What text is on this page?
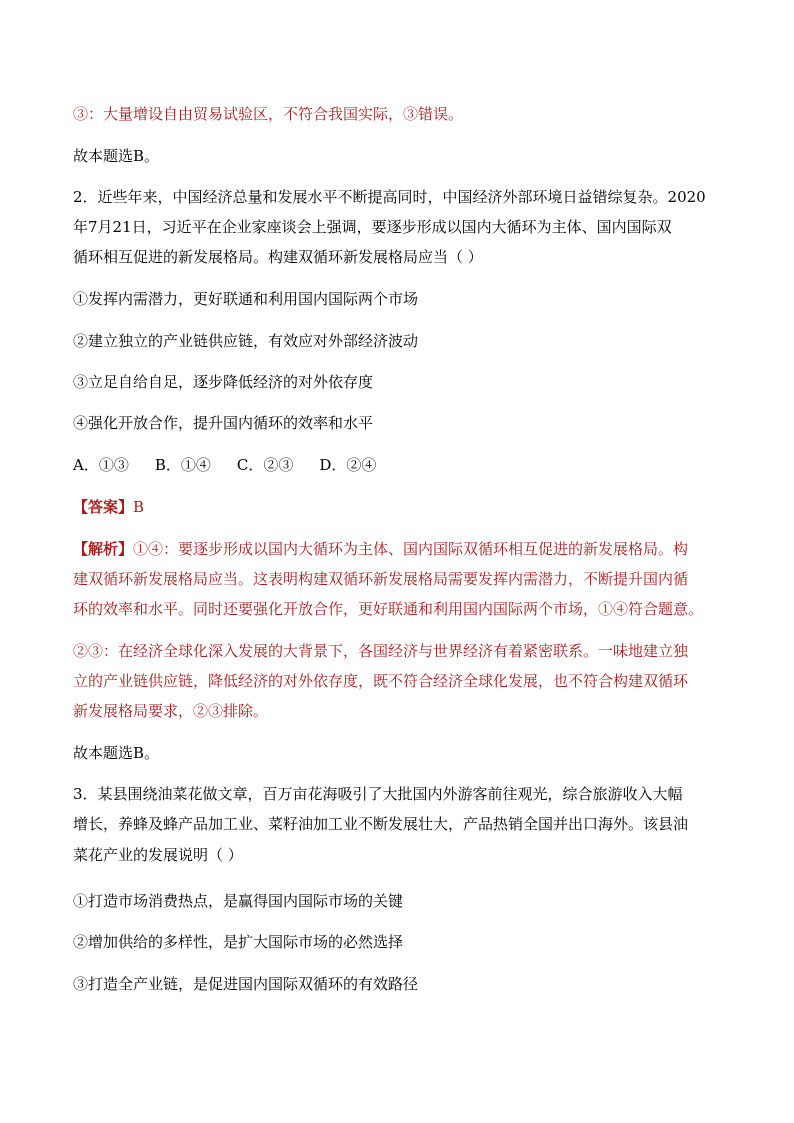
③：大量增设自由贸易试验区，不符合我国实际，③错误。
故本题选B。
2．近些年来，中国经济总量和发展水平不断提高同时，中国经济外部环境日益错综复杂。2020
年7月21日，习近平在企业家座谈会上强调，要逐步形成以国内大循环为主体、国内国际双
循环相互促进的新发展格局。构建双循环新发展格局应当（ ）
①发挥内需潜力，更好联通和利用国内国际两个市场
②建立独立的产业链供应链，有效应对外部经济波动
③立足自给自足，逐步降低经济的对外依存度
④强化开放合作，提升国内循环的效率和水平
A．①③ B．①④ C．②③ D．②④
【答案】B
【解析】①④：要逐步形成以国内大循环为主体、国内国际双循环相互促进的新发展格局。构
建双循环新发展格局应当。这表明构建双循环新发展格局需要发挥内需潜力，不断提升国内循
环的效率和水平。同时还要强化开放合作，更好联通和利用国内国际两个市场，①④符合题意。
②③：在经济全球化深入发展的大背景下，各国经济与世界经济有着紧密联系。一味地建立独
立的产业链供应链，降低经济的对外依存度，既不符合经济全球化发展，也不符合构建双循环
新发展格局要求，②③排除。
故本题选B。
3．某县围绕油菜花做文章，百万亩花海吸引了大批国内外游客前往观光，综合旅游收入大幅
增长，养蜂及蜂产品加工业、菜籽油加工业不断发展壮大，产品热销全国并出口海外。该县油
菜花产业的发展说明（ ）
①打造市场消费热点，是赢得国内国际市场的关键
②增加供给的多样性，是扩大国际市场的必然选择
③打造全产业链，是促进国内国际双循环的有效路径
